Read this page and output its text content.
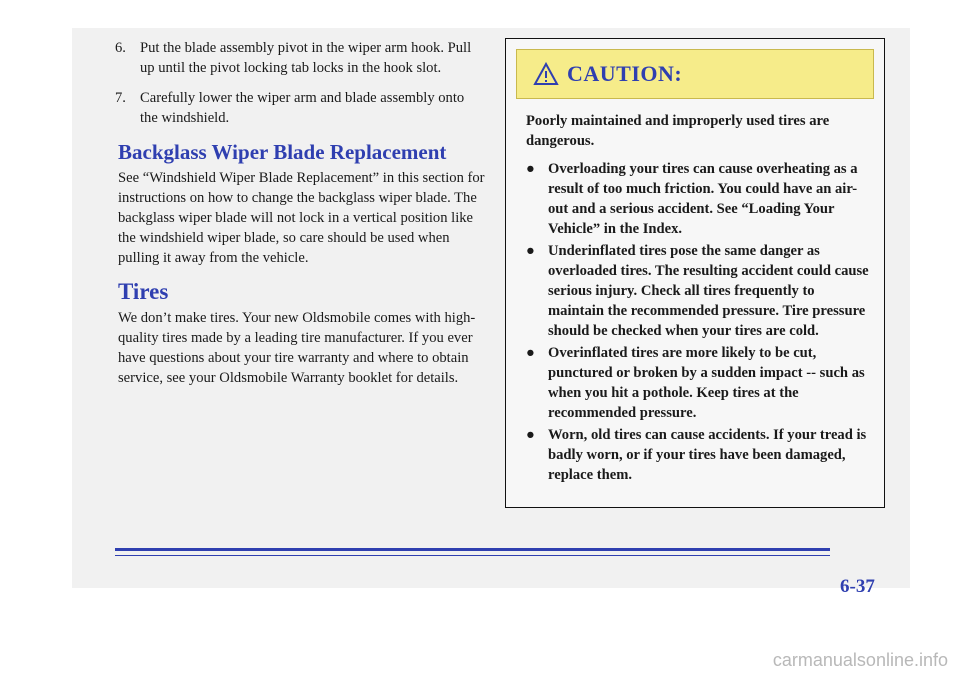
6. Put the blade assembly pivot in the wiper arm hook. Pull up until the pivot locking tab locks in the hook slot.
7. Carefully lower the wiper arm and blade assembly onto the windshield.
Backglass Wiper Blade Replacement

See “Windshield Wiper Blade Replacement” in this section for instructions on how to change the backglass wiper blade. The backglass wiper blade will not lock in a vertical position like the windshield wiper blade, so care should be used when pulling it away from the vehicle.

Tires

We don’t make tires. Your new Oldsmobile comes with high-quality tires made by a leading tire manufacturer. If you ever have questions about your tire warranty and where to obtain service, see your Oldsmobile Warranty booklet for details.

CAUTION:

Poorly maintained and improperly used tires are dangerous.

● Overloading your tires can cause overheating as a result of too much friction. You could have an air-out and a serious accident. See “Loading Your Vehicle” in the Index.
● Underinflated tires pose the same danger as overloaded tires. The resulting accident could cause serious injury. Check all tires frequently to maintain the recommended pressure. Tire pressure should be checked when your tires are cold.
● Overinflated tires are more likely to be cut, punctured or broken by a sudden impact -- such as when you hit a pothole. Keep tires at the recommended pressure.
● Worn, old tires can cause accidents. If your tread is badly worn, or if your tires have been damaged, replace them.
6-37
carmanualsonline.info
